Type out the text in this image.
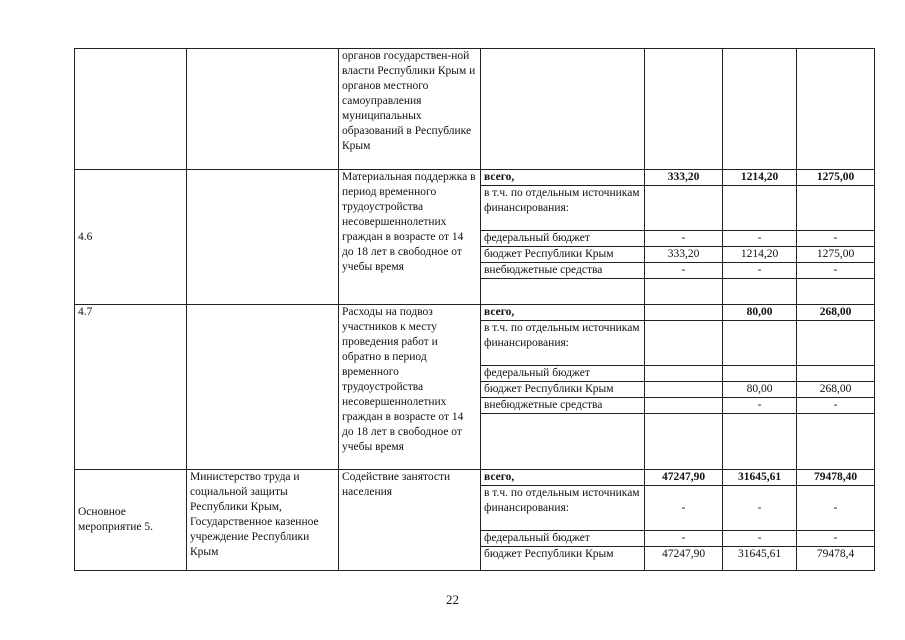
		органов государствен-ной власти Республики Крым и органов местного самоуправления муниципальных образований в Республике Крым				
4.6		Материальная поддержка в период временного трудоустройства несовершеннолетних граждан в возрасте от 14 до 18 лет в свободное от учебы время	всего,	333,20	1214,20	1275,00
			в т.ч. по отдельным источникам финансирования:			
			федеральный бюджет	-	-	-
			бюджет Республики Крым	333,20	1214,20	1275,00
			внебюджетные средства	-	-	-

4.7		Расходы на подвоз участников к месту проведения работ и обратно в период временного трудоустройства несовершеннолетних граждан в возрасте от 14 до 18 лет в свободное от учебы время	всего,		80,00	268,00
			в т.ч. по отдельным источникам финансирования:			
			федеральный бюджет			
			бюджет Республики Крым		80,00	268,00
			внебюджетные средства		-	-

Основное мероприятие 5.	Министерство труда и социальной защиты Республики Крым, Государственное казенное учреждение Республики Крым	Содействие занятости населения	всего,	47247,90	31645,61	79478,40
			в т.ч. по отдельным источникам финансирования:	-	-	-
			федеральный бюджет	-	-	-
			бюджет Республики Крым	47247,90	31645,61	79478,4
22
